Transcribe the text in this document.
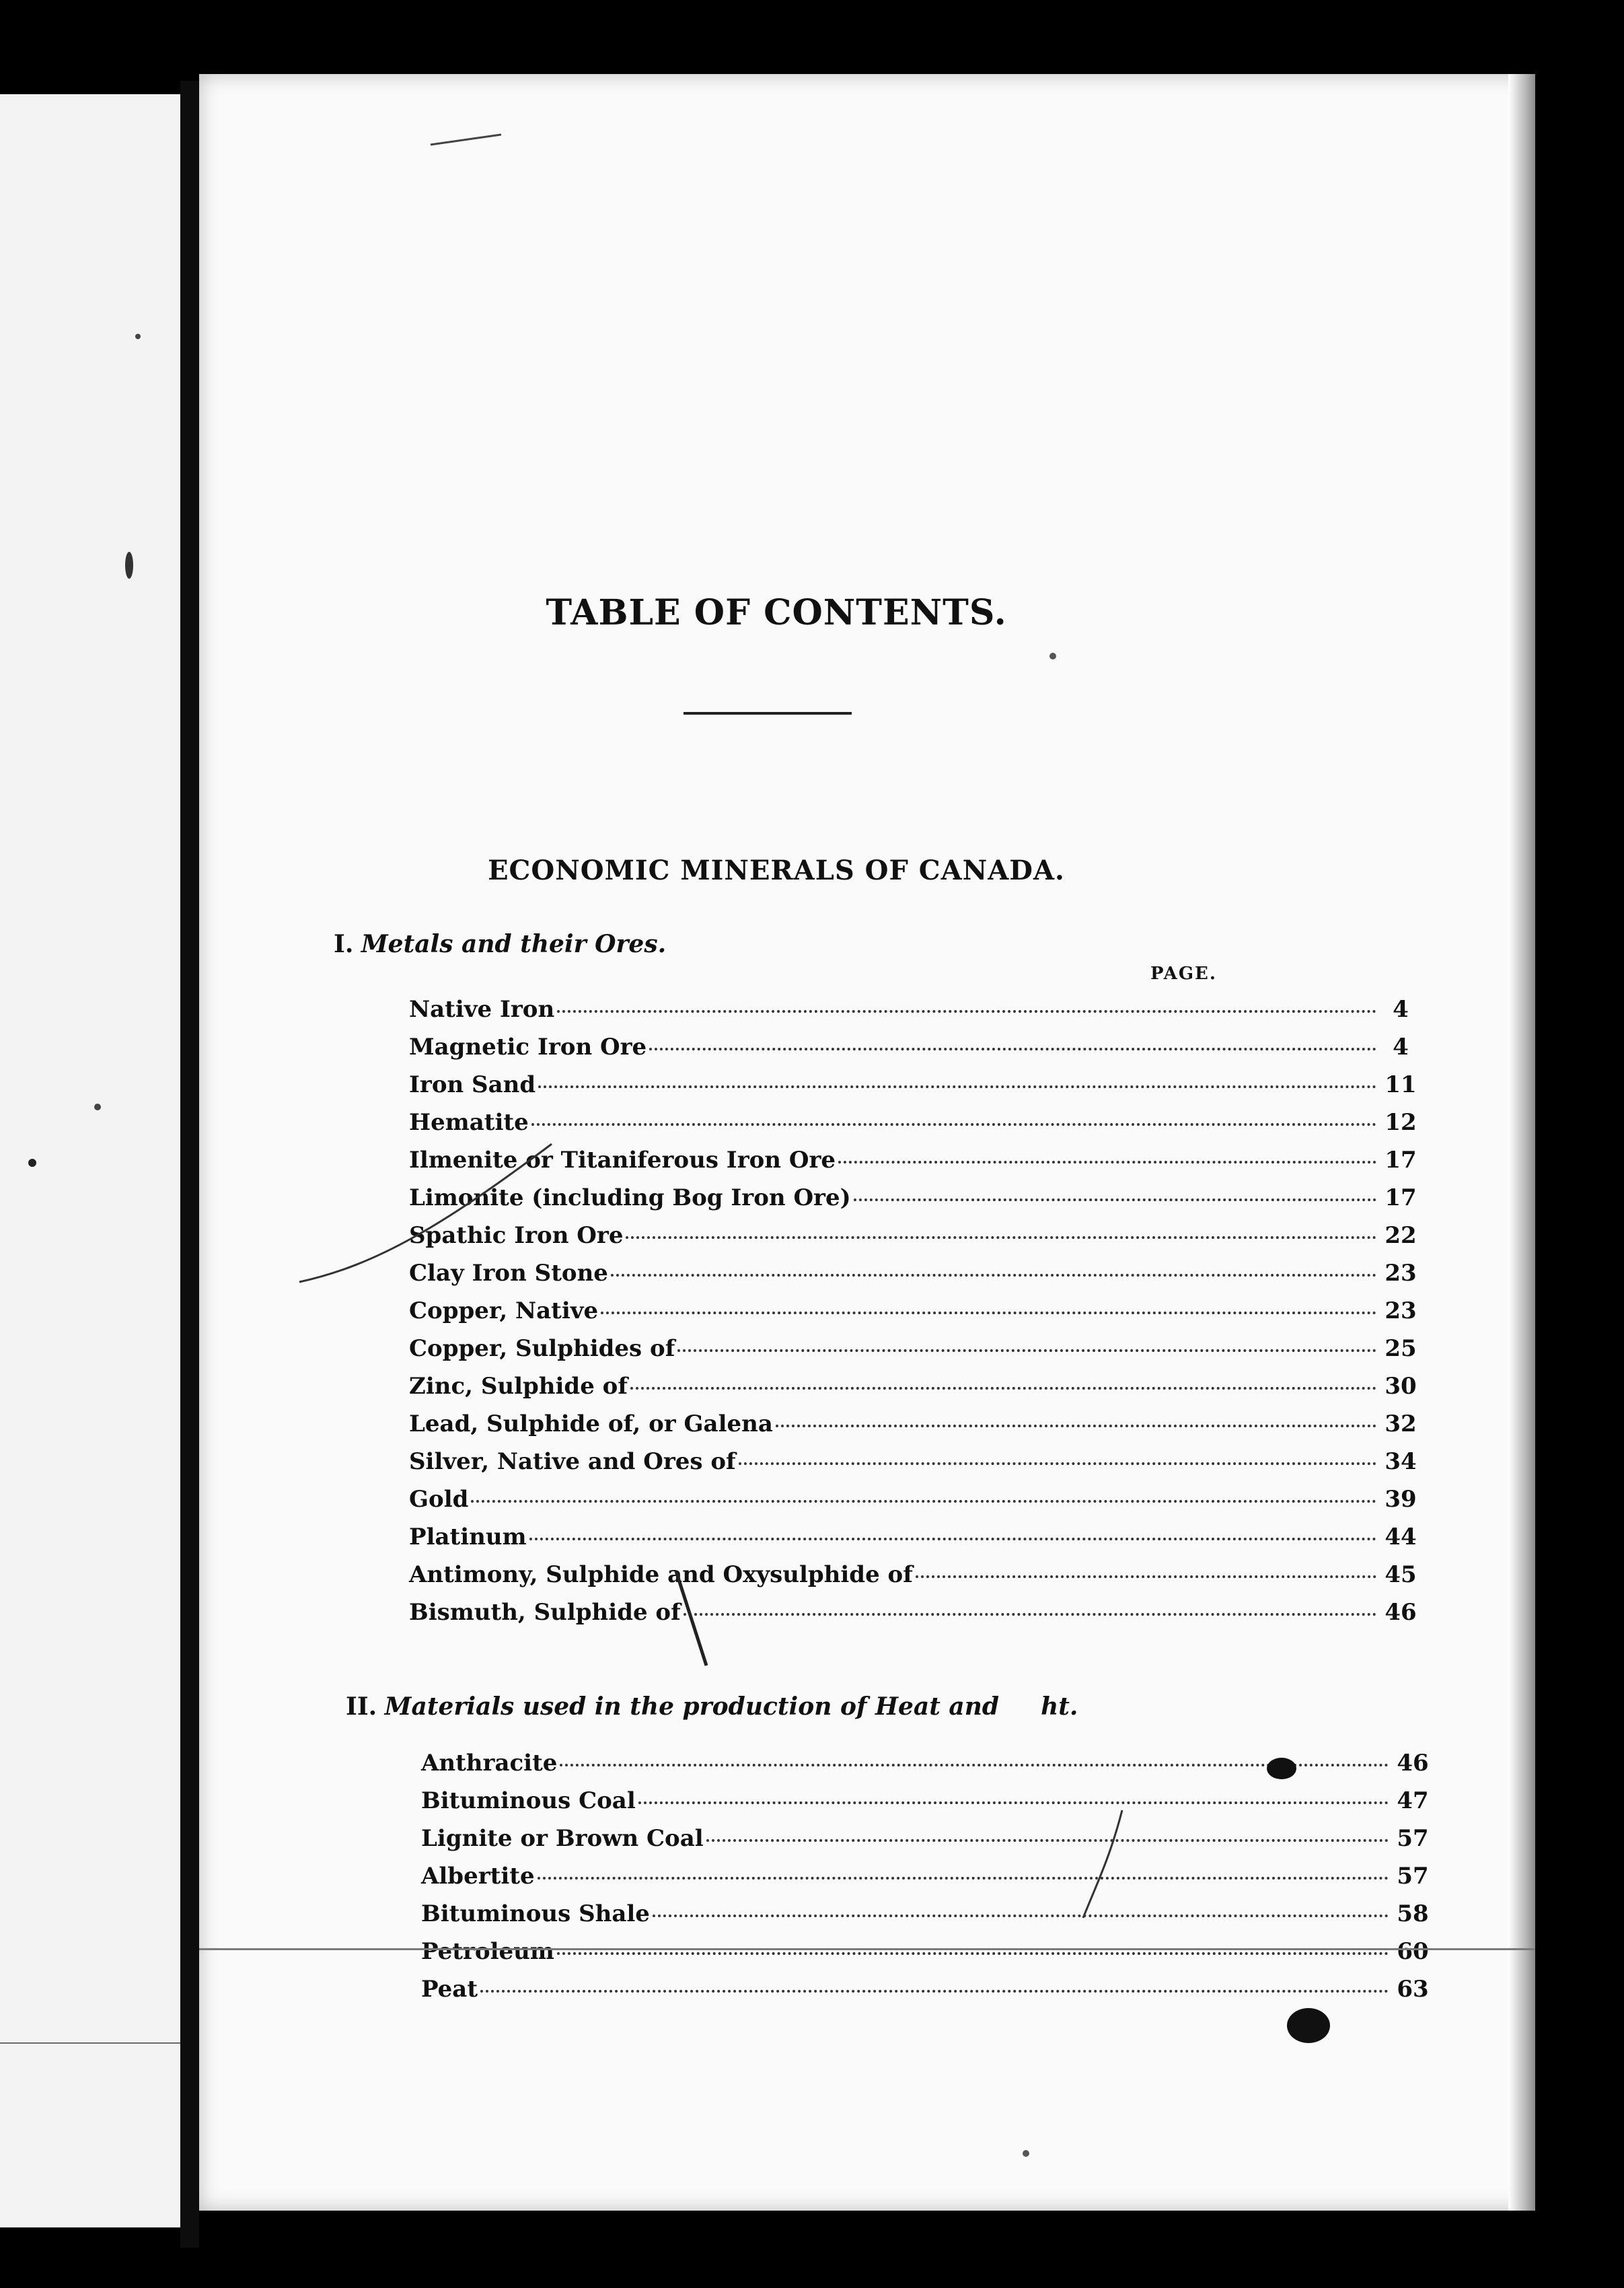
TABLE OF CONTENTS.
ECONOMIC MINERALS OF CANADA.
I. Metals and their Ores.
PAGE.
Native Iron	4
Magnetic Iron Ore	4
Iron Sand	11
Hematite	12
Ilmenite or Titaniferous Iron Ore	17
Limonite (including Bog Iron Ore)	17
Spathic Iron Ore	22
Clay Iron Stone	23
Copper, Native	23
Copper, Sulphides of	25
Zinc, Sulphide of	30
Lead, Sulphide of, or Galena	32
Silver, Native and Ores of	34
Gold	39
Platinum	44
Antimony, Sulphide and Oxysulphide of	45
Bismuth, Sulphide of	46
II. Materials used in the production of Heat and ht.
Anthracite	46
Bituminous Coal	47
Lignite or Brown Coal	57
Albertite	57
Bituminous Shale	58
Petroleum	60
Peat	63
